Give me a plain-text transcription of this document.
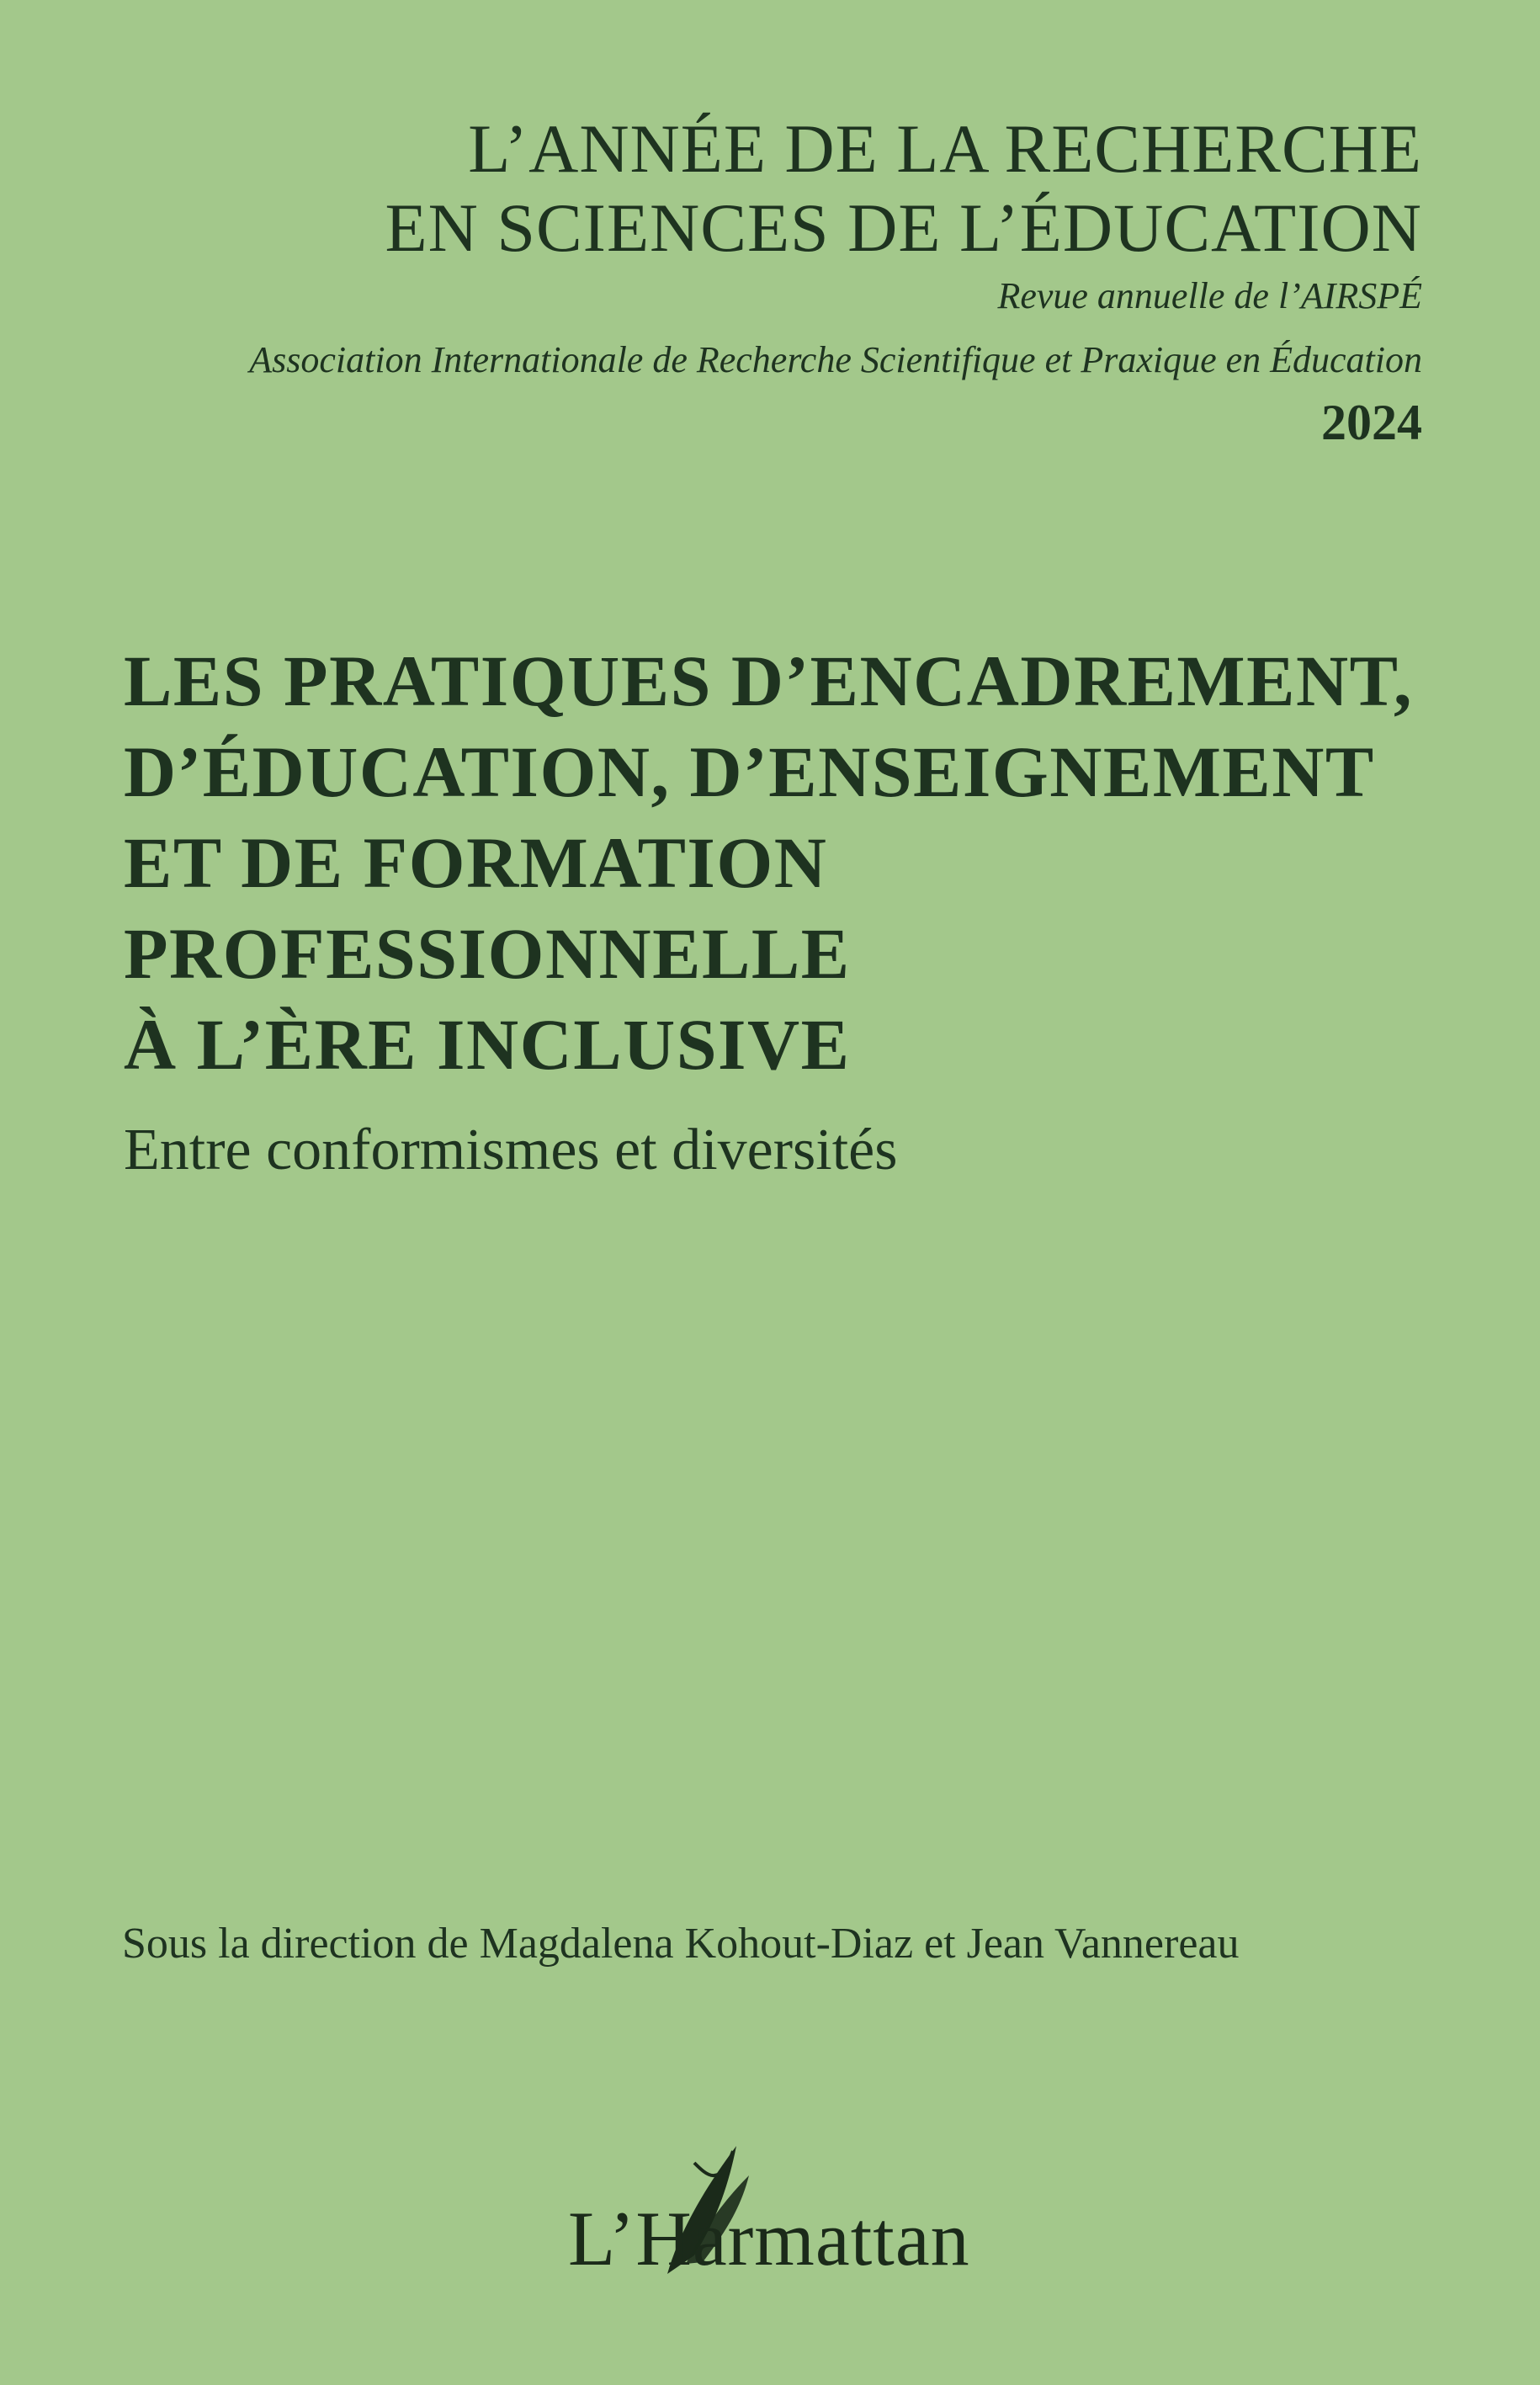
L’ANNÉE DE LA RECHERCHE
EN SCIENCES DE L’ÉDUCATION
Revue annuelle de l’AIRSPÉ
Association Internationale de Recherche Scientifique et Praxique en Éducation
2024
LES PRATIQUES D’ENCADREMENT,
D’ÉDUCATION, D’ENSEIGNEMENT
ET DE FORMATION
PROFESSIONNELLE
À L’ÈRE INCLUSIVE
Entre conformismes et diversités
Sous la direction de Magdalena Kohout-Diaz et Jean Vannereau
L’Harmattan
